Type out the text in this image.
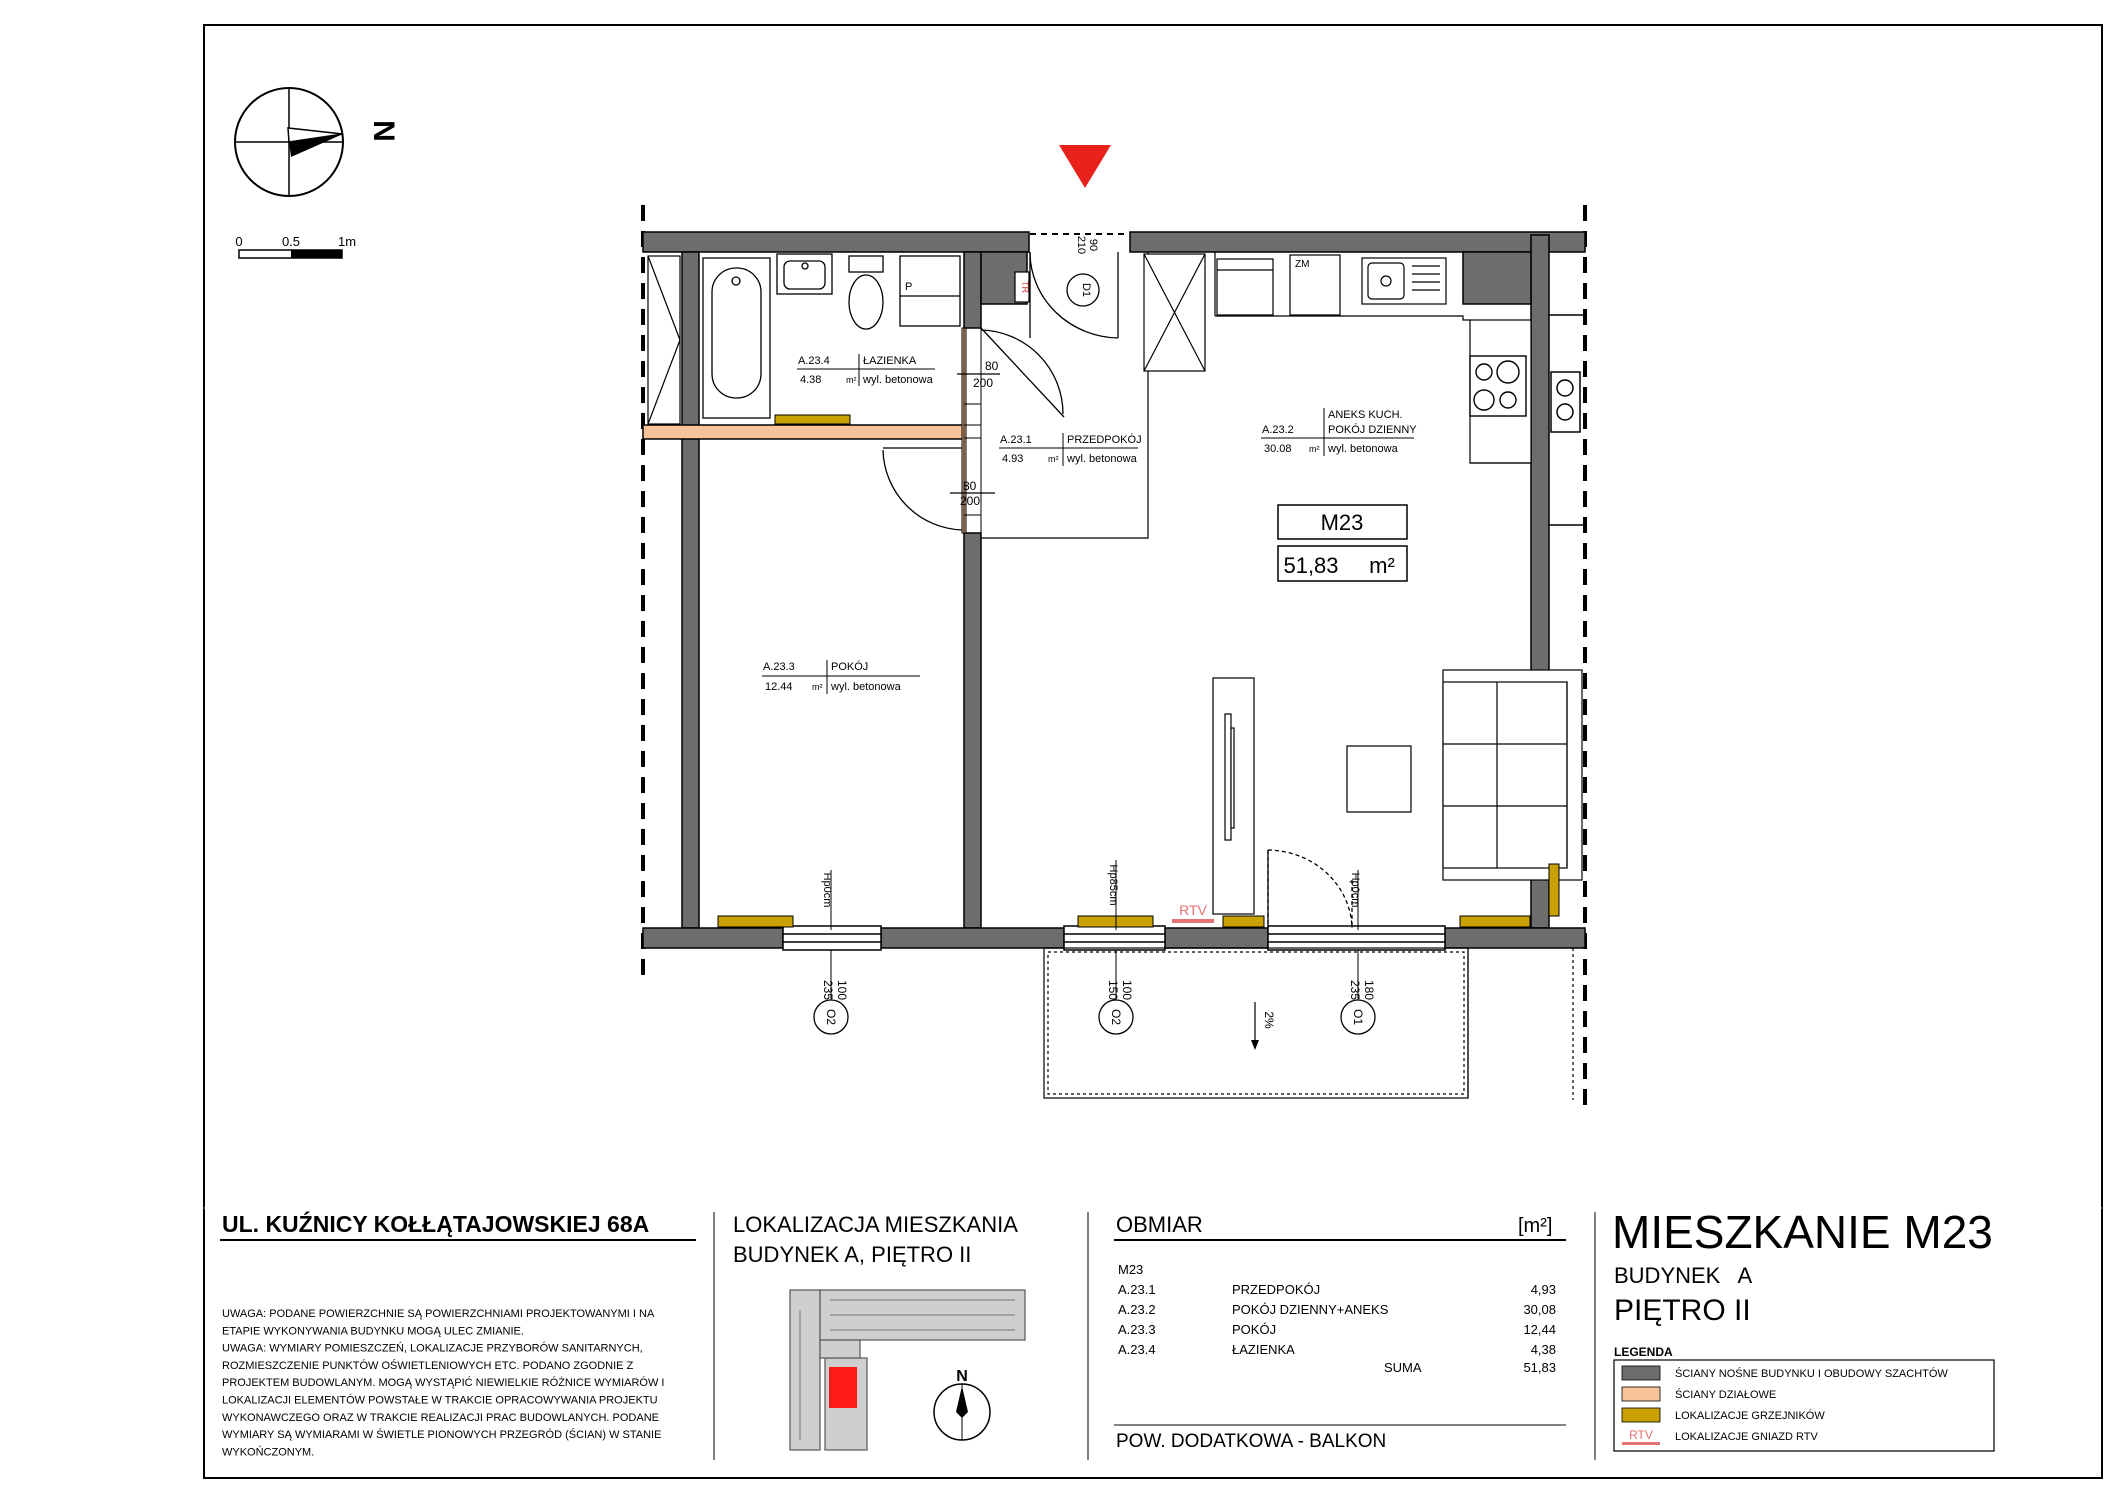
N
0	0.5	1m
P	TR	D1
90
210
80
200
80
200
ZM
RTV
Hp0cm	Hp85cm	Hp0cm
O2
100
235
O2
100
150
O1
180
235
2%
A.23.4	ŁAZIENKA
4.38	m² wyl. betonowa
A.23.1	PRZEDPOKÓJ
4.93	m² wyl. betonowa
A.23.2
ANEKS KUCH.
POKÓJ DZIENNY
30.08 m² wyl. betonowa
A.23.3	POKÓJ
12.44 m² wyl. betonowa
M23
51,83 m²
UL. KUŹNICY KOŁŁĄTAJOWSKIEJ 68A
UWAGA: PODANE POWIERZCHNIE SĄ POWIERZCHNIAMI PROJEKTOWANYMI I NA
ETAPIE WYKONYWANIA BUDYNKU MOGĄ ULEC ZMIANIE.
UWAGA: WYMIARY POMIESZCZEŃ, LOKALIZACJE PRZYBORÓW SANITARNYCH,
ROZMIESZCZENIE PUNKTÓW OŚWIETLENIOWYCH ETC. PODANO ZGODNIE Z
PROJEKTEM BUDOWLANYM. MOGĄ WYSTĄPIĆ NIEWIELKIE RÓŻNICE WYMIARÓW I
LOKALIZACJI ELEMENTÓW POWSTAŁE W TRAKCIE OPRACOWYWANIA PROJEKTU
WYKONAWCZEGO ORAZ W TRAKCIE REALIZACJI PRAC BUDOWLANYCH. PODANE
WYMIARY SĄ WYMIARAMI W ŚWIETLE PIONOWYCH PRZEGRÓD (ŚCIAN) W STANIE
WYKOŃCZONYM.
LOKALIZACJA MIESZKANIA
BUDYNEK A, PIĘTRO II
N
OBMIAR	[m²]
M23
A.23.1	PRZEDPOKÓJ	4,93
A.23.2	POKÓJ DZIENNY+ANEKS	30,08
A.23.3	POKÓJ	12,44
A.23.4	ŁAZIENKA	4,38
SUMA	51,83
POW. DODATKOWA - BALKON
MIESZKANIE M23
BUDYNEK   A
PIĘTRO II
LEGENDA
ŚCIANY NOŚNE BUDYNKU I OBUDOWY SZACHTÓW
ŚCIANY DZIAŁOWE
LOKALIZACJE GRZEJNIKÓW
RTV LOKALIZACJE GNIAZD RTV
